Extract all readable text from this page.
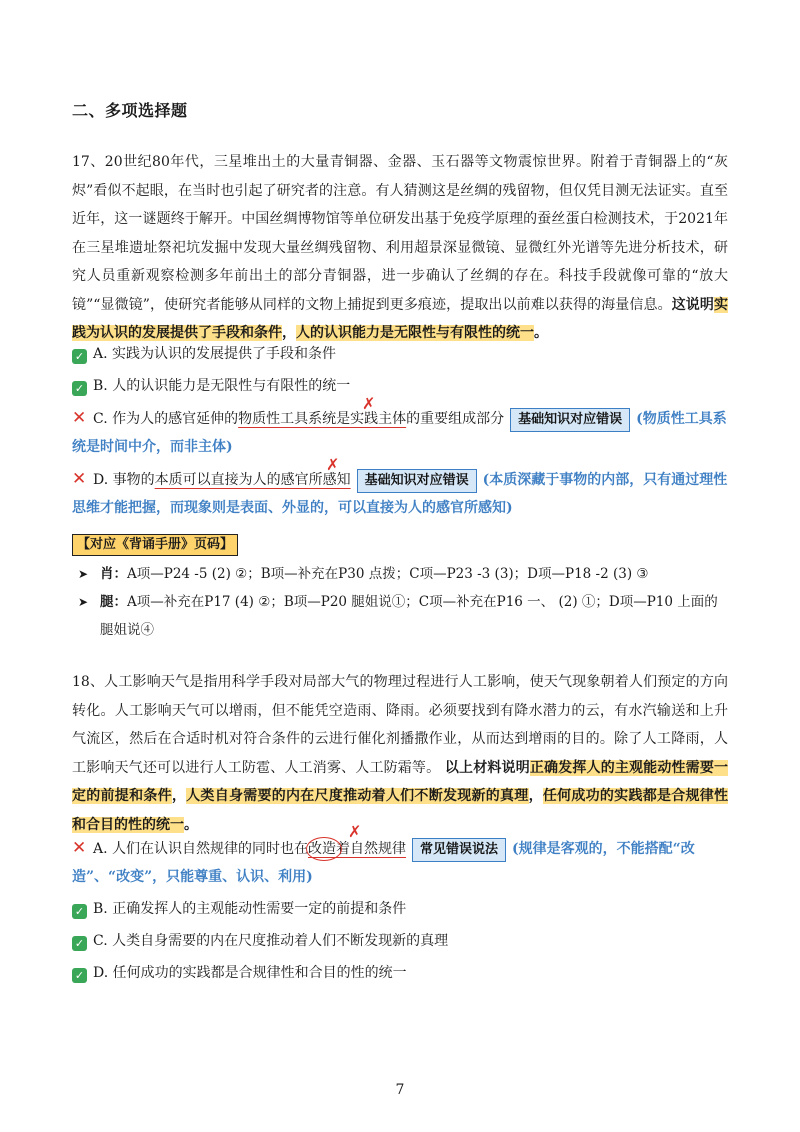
二、多项选择题

17、20世纪80年代，三星堆出土的大量青铜器、金器、玉石器等文物震惊世界。附着于青铜器上的“灰烬”看似不起眼，在当时也引起了研究者的注意。有人猜测这是丝绸的残留物，但仅凭目测无法证实。直至近年，这一谜题终于解开。中国丝绸博物馆等单位研发出基于免疫学原理的蚕丝蛋白检测技术，于2021年在三星堆遗址祭祀坑发掘中发现大量丝绸残留物、利用超景深显微镜、显微红外光谱等先进分析技术，研究人员重新观察检测多年前出土的部分青铜器，进一步确认了丝绸的存在。科技手段就像可靠的“放大镜”“显微镜”，使研究者能够从同样的文物上捕捉到更多痕迹，提取出以前难以获得的海量信息。这说明实践为认识的发展提供了手段和条件，人的认识能力是无限性与有限性的统一。

✓ A. 实践为认识的发展提供了手段和条件
✓ B. 人的认识能力是无限性与有限性的统一
✕ C. 作为人的感官延伸的物质性工具系统是实践主体的重要组成部分 基础知识对应错误 (物质性工具系统是时间中介，而非主体)
✗
✕ D. 事物的本质可以直接为人的感官所感知 基础知识对应错误 (本质深藏于事物的内部，只有通过理性思维才能把握，而现象则是表面、外显的，可以直接为人的感官所感知)
✗
【对应《背诵手册》页码】

➤ 肖：A项—P24 -5 (2) ②；B项—补充在P30 点拨；C项—P23 -3 (3)；D项—P18 -2 (3) ③

➤ 腿：A项—补充在P17 (4) ②；B项—P20 腿姐说①；C项—补充在P16 一、 (2) ①；D项—P10 上面的腿姐说④

18、人工影响天气是指用科学手段对局部大气的物理过程进行人工影响，使天气现象朝着人们预定的方向转化。人工影响天气可以增雨，但不能凭空造雨、降雨。必须要找到有降水潜力的云，有水汽输送和上升气流区，然后在合适时机对符合条件的云进行催化剂播撒作业，从而达到增雨的目的。除了人工降雨，人工影响天气还可以进行人工防雹、人工消雾、人工防霜等。 以上材料说明正确发挥人的主观能动性需要一定的前提和条件，人类自身需要的内在尺度推动着人们不断发现新的真理，任何成功的实践都是合规律性和合目的性的统一。

✕ A. 人们在认识自然规律的同时也在改造着自然规律 常见错误说法 (规律是客观的，不能搭配“改造”、“改变”，只能尊重、认识、利用)
✗
✓ B. 正确发挥人的主观能动性需要一定的前提和条件
✓ C. 人类自身需要的内在尺度推动着人们不断发现新的真理
✓ D. 任何成功的实践都是合规律性和合目的性的统一
7
